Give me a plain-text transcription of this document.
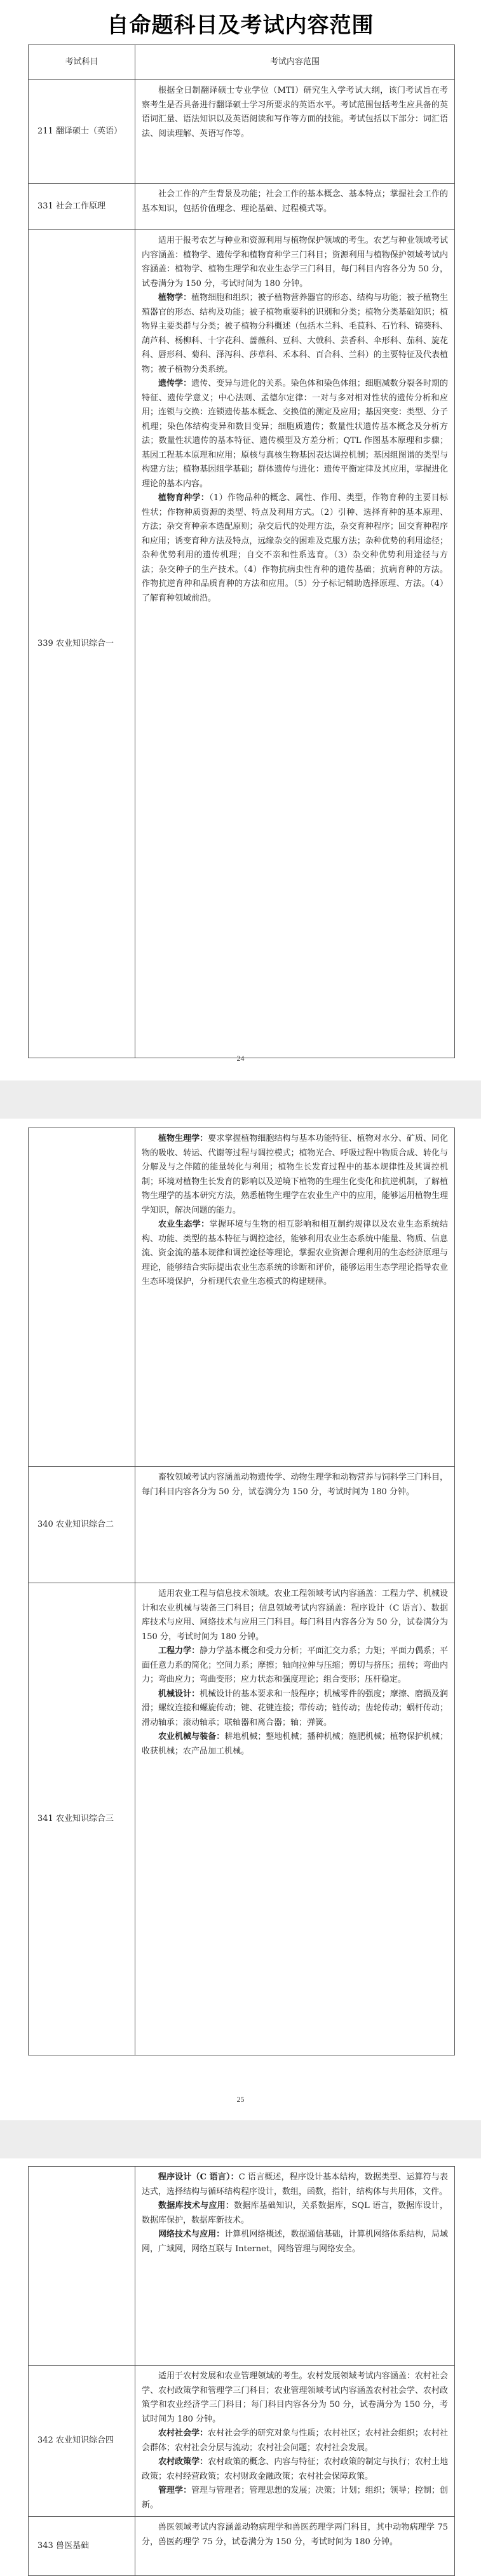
自命题科目及考试内容范围
考试科目	考试内容范围
211 翻译硕士（英语）	根据全日制翻译硕士专业学位（MTI）研究生入学考试大纲，该门考试旨在考察考生是否具备进行翻译硕士学习所要求的英语水平。考试范围包括考生应具备的英语词汇量、语法知识以及英语阅读和写作等方面的技能。考试包括以下部分：词汇语法、阅读理解、英语写作等。

331 社会工作原理	社会工作的产生背景及功能；社会工作的基本概念、基本特点；掌握社会工作的基本知识，包括价值理念、理论基础、过程模式等。

339 农业知识综合一	适用于报考农艺与种业和资源利用与植物保护领域的考生。农艺与种业领域考试内容涵盖：植物学、遗传学和植物育种学三门科目；资源利用与植物保护领域考试内容涵盖：植物学、植物生理学和农业生态学三门科目，每门科目内容各分为 50 分，试卷满分为 150 分，考试时间为 180 分钟。
植物学：植物细胞和组织；被子植物营养器官的形态、结构与功能；被子植物生殖器官的形态、结构及功能；被子植物重要科的识别和分类；植物分类基础知识；植物界主要类群与分类；被子植物分科概述（包括木兰科、毛茛科、石竹科、锦葵科、葫芦科、杨柳科、十字花科、蔷薇科、豆科、大戟科、芸香科、伞形科、茄科、旋花科、唇形科、菊科、泽泻科、莎草科、禾本科、百合科、兰科）的主要特征及代表植物；被子植物分类系统。
遗传学：遗传、变异与进化的关系。染色体和染色体组；细胞减数分裂各时期的特征、遗传学意义；中心法则、孟德尔定律：一对与多对相对性状的遗传分析和应用；连锁与交换：连锁遗传基本概念、交换值的测定及应用；基因突变：类型、分子机理；染色体结构变异和数目变异；细胞质遗传；数量性状遗传基本概念及分析方法；数量性状遗传的基本特征、遗传模型及方差分析；QTL 作图基本原理和步骤；基因工程基本原理和应用；原核与真核生物基因表达调控机制；基因组图谱的类型与构建方法；植物基因组学基础；群体遗传与进化：遗传平衡定律及其应用，掌握进化理论的基本内容。
植物育种学：（1）作物品种的概念、属性、作用、类型，作物育种的主要目标性状；作物种质资源的类型、特点及利用方式。（2）引种、选择育种的基本原理、方法；杂交育种亲本选配原则；杂交后代的处理方法，杂交育种程序；回交育种程序和应用；诱变育种方法及特点，远缘杂交的困难及克服方法；杂种优势的利用途径；杂种优势利用的遗传机理；自交不亲和性系选育。（3）杂交种优势利用途径与方法；杂交种子的生产技术。（4）作物抗病虫性育种的遗传基础；抗病育种的方法。作物抗逆育种和品质育种的方法和应用。（5）分子标记辅助选择原理、方法。（4）了解育种领域前沿。
24

	植物生理学：要求掌握植物细胞结构与基本功能特征、植物对水分、矿质、同化物的吸收、转运、代谢等过程与调控模式；植物光合、呼吸过程中物质合成、转化与分解及与之伴随的能量转化与利用；植物生长发育过程中的基本规律性及其调控机制；环境对植物生长发育的影响以及逆境下植物的生理生化变化和抗逆机制，了解植物生理学的基本研究方法，熟悉植物生理学在农业生产中的应用，能够运用植物生理学知识，解决问题的能力。
农业生态学：掌握环境与生物的相互影响和相互制约规律以及农业生态系统结构、功能、类型的基本特征与调控途径，能够利用农业生态系统中能量、物质、信息流、资金流的基本规律和调控途径等理论，掌握农业资源合理利用的生态经济原理与理论，能够结合实际提出农业生态系统的诊断和评价，能够运用生态学理论指导农业生态环境保护，分析现代农业生态模式的构建规律。

340 农业知识综合二	畜牧领域考试内容涵盖动物遗传学、动物生理学和动物营养与饲料学三门科目，每门科目内容各分为 50 分，试卷满分为 150 分，考试时间为 180 分钟。

341 农业知识综合三	适用农业工程与信息技术领域。农业工程领域考试内容涵盖：工程力学、机械设计和农业机械与装备三门科目；信息领域考试内容涵盖：程序设计（C 语言）、数据库技术与应用、网络技术与应用三门科目。每门科目内容各分为 50 分，试卷满分为 150 分，考试时间为 180 分钟。
工程力学：静力学基本概念和受力分析；平面汇交力系；力矩；平面力偶系；平面任意力系的简化；空间力系；摩擦；轴向拉伸与压缩；剪切与挤压；扭转；弯曲内力；弯曲应力；弯曲变形；应力状态和强度理论；组合变形；压杆稳定。
机械设计：机械设计的基本要求和一般程序；机械零件的强度；摩擦、磨损及润滑；螺纹连接和螺旋传动；键、花键连接；带传动；链传动；齿轮传动；蜗杆传动；滑动轴承；滚动轴承；联轴器和离合器；轴；弹簧。
农业机械与装备：耕地机械；整地机械；播种机械；施肥机械；植物保护机械；收获机械；农产品加工机械。
25

	程序设计（C 语言）：C 语言概述，程序设计基本结构，数据类型、运算符与表达式，选择结构与循环结构程序设计，数组，函数，指针，结构体与共用体，文件。
数据库技术与应用：数据库基础知识，关系数据库，SQL 语言，数据库设计，数据库保护，数据库新技术。
网络技术与应用：计算机网络概述，数据通信基础，计算机网络体系结构，局域网，广域网，网络互联与 Internet，网络管理与网络安全。

342 农业知识综合四	适用于农村发展和农业管理领域的考生。农村发展领域考试内容涵盖：农村社会学、农村政策学和管理学三门科目；农业管理领域考试内容涵盖农村社会学、农村政策学和农业经济学三门科目；每门科目内容各分为 50 分，试卷满分为 150 分，考试时间为 180 分钟。
农村社会学：农村社会学的研究对象与性质；农村社区；农村社会组织；农村社会群体；农村社会分层与流动；农村社会问题；农村社会发展。
农村政策学：农村政策的概念、内容与特征；农村政策的制定与执行；农村土地政策；农村经营政策；农村财政金融政策；农村社会保障政策。
管理学：管理与管理者；管理思想的发展；决策；计划；组织；领导；控制；创新。

343 兽医基础	兽医领域考试内容涵盖动物病理学和兽医药理学两门科目，其中动物病理学 75 分，兽医药理学 75 分，试卷满分为 150 分，考试时间为 180 分钟。
